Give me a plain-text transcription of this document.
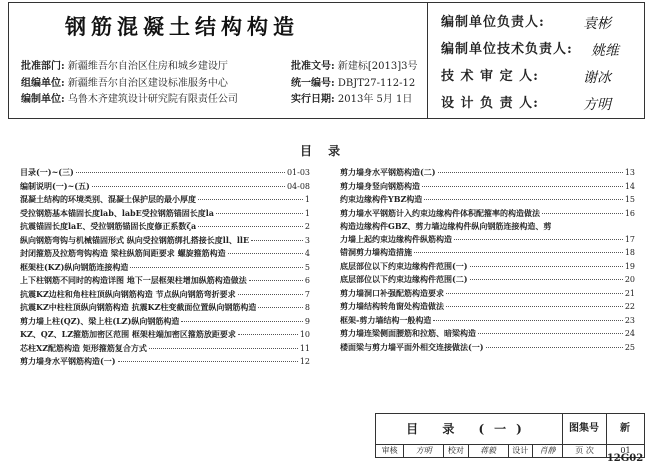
钢筋混凝土结构构造
批准部门: 新疆维吾尔自治区住房和城乡建设厅
组编单位: 新疆维吾尔自治区建设标准服务中心
编制单位: 乌鲁木齐建筑设计研究院有限责任公司
批准文号: 新建标[2013]3号
统一编号: DBJT27-112-12
实行日期: 2013年 5月 1日
编制单位负责人:	袁彬
编制单位技术负责人: 姚维
技 术 审 定 人:	谢冰
设 计 负 责 人:	方明
目 录
目录(一)~(三)	01-03
编制说明(一)~(五)	04-08
混凝土结构的环境类别、混凝土保护层的最小厚度	1
受拉钢筋基本锚固长度lab、labE受拉钢筋锚固长度la	1
抗震锚固长度laE、受拉钢筋锚固长度修正系数ζa	2
纵向钢筋弯钩与机械锚固形式 纵向受拉钢筋绑扎搭接长度ll、llE	3
封闭箍筋及拉筋弯钩构造 梁柱纵筋间距要求 螺旋箍筋构造	4
框架柱(KZ)纵向钢筋连接构造	5
上下柱钢筋不同时的构造详图 地下一层框架柱增加纵筋构造做法	6
抗震KZ边柱和角柱柱顶纵向钢筋构造 节点纵向钢筋弯折要求	7
抗震KZ中柱柱顶纵向钢筋构造 抗震KZ柱变截面位置纵向钢筋构造	8
剪力墙上柱(QZ)、梁上柱(LZ)纵向钢筋构造	9
KZ、QZ、LZ箍筋加密区范围 框架柱端加密区箍筋放距要求	10
芯柱XZ配筋构造 矩形箍筋复合方式	11
剪力墙身水平钢筋构造(一)	12
剪力墙身水平钢筋构造(二)	13
剪力墙身竖向钢筋构造	14
约束边缘构件YBZ构造	15
剪力墙水平钢筋计入约束边缘构件体积配箍率的构造做法	16
构造边缘构件GBZ、剪力墙边缘构件纵向钢筋连接构造、剪
力墙上起约束边缘构件纵筋构造	17
错洞剪力墙构造措施	18
底层部位以下约束边缘构件范围(一)	19
底层部位以下约束边缘构件范围(二)	20
剪力墙洞口补强配筋构造要求	21
剪力墙结构转角窗处构造做法	22
框架-剪力墙结构一般构造	23
剪力墙连梁侧面腰筋和拉筋、暗梁构造	24
楼面梁与剪力墙平面外相交连接做法(一)	25
目 录 (一)	图集号	新12G02
审核	方明	校对	蒋毅	设计	肖静	页 次	01
